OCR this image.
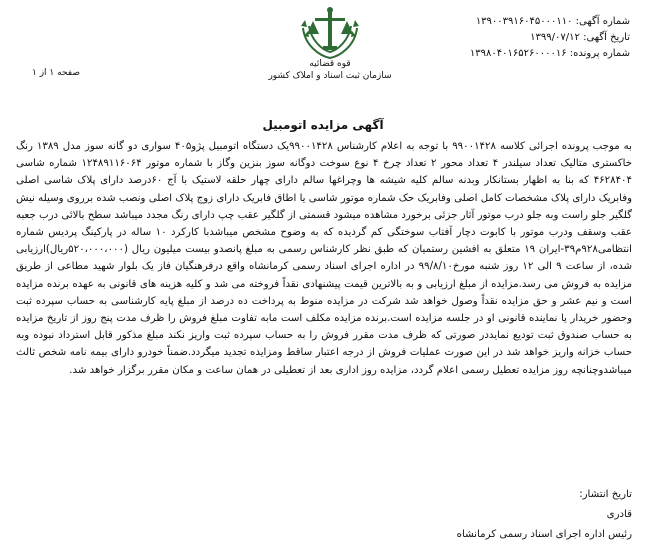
شماره آگهی: ۱۳۹۰۰۳۹۱۶۰۴۵۰۰۰۱۱۰
تاریخ آگهی: ۱۳۹۹/۰۷/۱۲
شماره پرونده: ۱۳۹۸۰۴۰۱۶۵۲۶۰۰۰۰۱۶
قوه قضائیه
سازمان ثبت اسناد و املاک کشور
صفحه ۱ از ۱
آگهی مزایده اتومبیل
به موجب پرونده اجرائی کلاسه ۹۹۰۰۱۴۲۸ با توجه به اعلام کارشناس ۹۹۰۰۱۴۲۸یک دستگاه اتومبیل پژو۴۰۵ سواری دو گانه سوز مدل ۱۳۸۹ رنگ خاکستری متالیک تعداد سیلندر ۴ تعداد محور ۲ تعداد چرخ ۴ نوع سوخت دوگانه سوز بنزین وگاز با شماره موتور ۱۲۴۸۹۱۱۶۰۶۴ شماره شاسی ۴۶۲۸۴۰۴ که بنا به اظهار بستانکار وبدنه سالم کلیه شیشه ها وچراغها سالم دارای چهار حلقه لاستیک با آج ۶۰درصد دارای پلاک شاسی اصلی وفابریک دارای پلاک مشخصات کامل اصلی وفابریک حک شماره موتور شاسی یا اطاق فابریک دارای زوج پلاک اصلی ونصب شده برروی وسیله نیش گلگیر جلو راست وبه جلو درب موتور آثار جزئی برخورد مشاهده میشود قسمتی از گلگیر عقب چپ دارای رنگ مجدد میباشد سطح بالائی درب جعبه عقب وسقف ودرب موتور با کابوت دچار آفتاب سوختگی کم گردیده که به وضوح مشخص میباشدبا کارکرد ۱۰ ساله در پارکینگ پردیس شماره انتظامی۹۲۸م۳۹-ایران ۱۹ متعلق به افشین رستمیان که طبق نظر کارشناس رسمی به مبلغ پانصدو بیست میلیون ریال (۵۲۰،۰۰۰،۰۰۰ریال)ارزیابی شده، از ساعت ۹ الی ۱۲ روز شنبه مورخ۹۹/۸/۱۰ در اداره اجرای اسناد رسمی کرمانشاه واقع درفرهنگیان فاز یک بلوار شهید مطاعی از طریق مزایده به فروش می رسد.مزایده از مبلغ ارزیابی و به بالاترین قیمت پیشنهادی نقداً فروخته می شد و کلیه هزینه های قانونی به عهده برنده مزایده است و نیم عشر و حق مزایده نقداً وصول خواهد شد شرکت در مزایده منوط به پرداخت ده درصد از مبلغ پایه کارشناسی به حساب سپرده ثبت وحضور خریدار یا نماینده قانونی او در جلسه مزایده است.برنده مزایده مکلف است مابه تفاوت مبلغ فروش را ظرف مدت پنج روز از تاریخ مزایده به حساب صندوق ثبت تودیع نمایددر صورتی که ظرف مدت مقرر فروش را به حساب سپرده ثبت واریز نکند مبلغ مذکور قابل استرداد نبوده وبه حساب خزانه واریز خواهد شد در این صورت عملیات فروش از درجه اعتبار ساقط ومزایده تجدید میگردد.ضمناً خودرو دارای بیمه نامه شخص ثالث میباشدوچنانچه روز مزایده تعطیل رسمی اعلام گردد، مزایده روز اداری بعد از تعطیلی در همان ساعت و مکان مقرر برگزار خواهد شد.
تاریخ انتشار:
قادری
رئیس اداره اجرای اسناد رسمی کرمانشاه
